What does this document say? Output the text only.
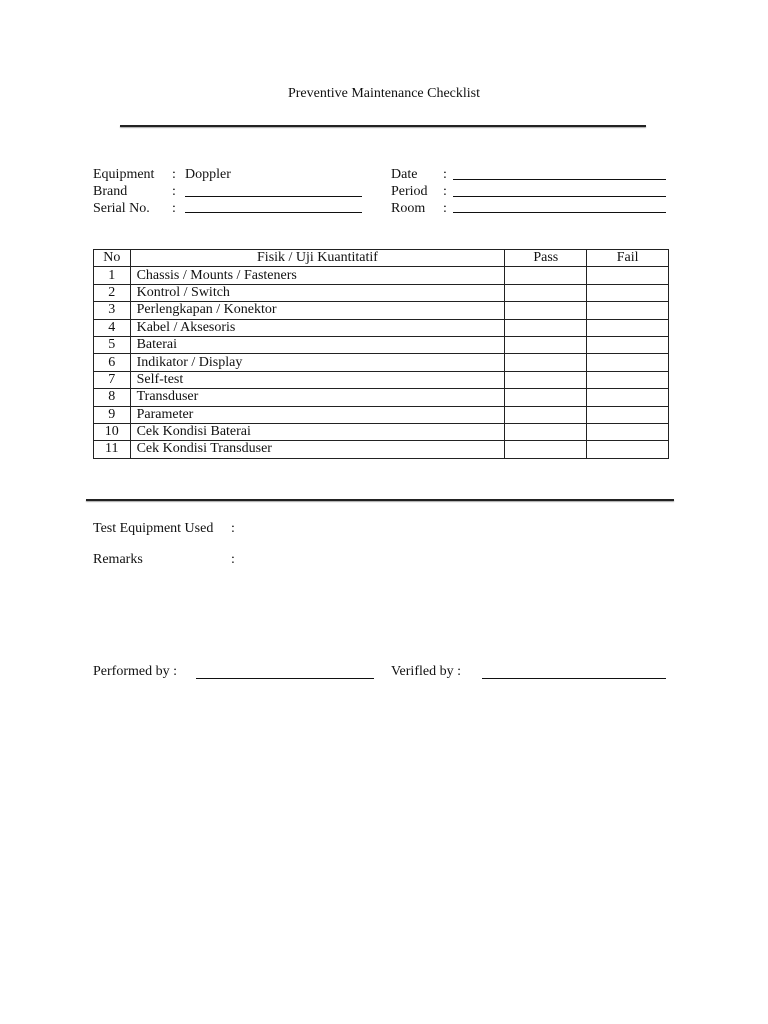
Preventive Maintenance Checklist
Equipment : Doppler
Brand	:
Serial No. :
Date :
Period :
Room :
No	Fisik / Uji Kuantitatif	Pass	Fail
1	Chassis / Mounts / Fasteners		
2	Kontrol / Switch		
3	Perlengkapan / Konektor		
4	Kabel / Aksesoris		
5	Baterai		
6	Indikator / Display		
7	Self-test		
8	Transduser		
9	Parameter		
10	Cek Kondisi Baterai		
11	Cek Kondisi Transduser		
Test Equipment Used :
Remarks	:
Performed by :	Verifled by :
